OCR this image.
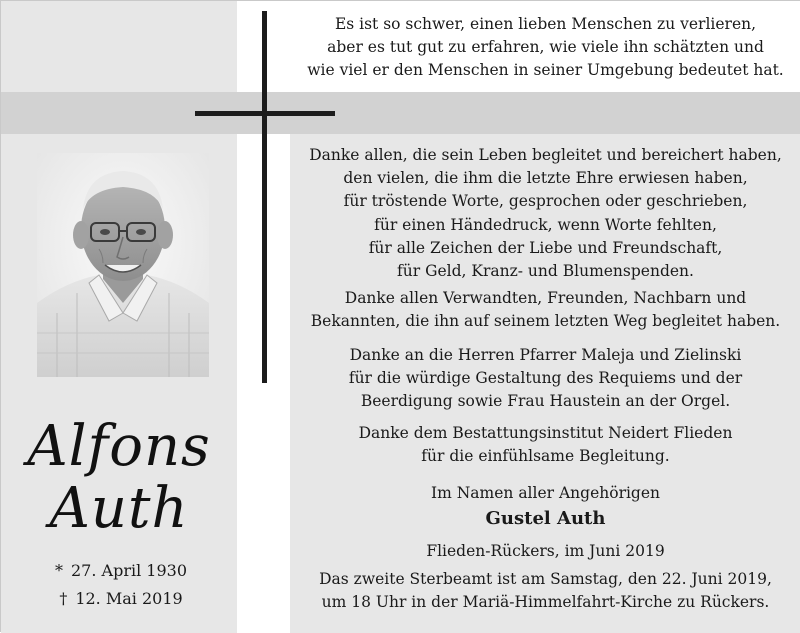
Alfons
Auth
* 27. April 1930
† 12. Mai 2019

Es ist so schwer, einen lieben Menschen zu verlieren,

aber es tut gut zu erfahren, wie viele ihn schätzten und

wie viel er den Menschen in seiner Umgebung bedeutet hat.

Danke allen, die sein Leben begleitet und bereichert haben,

den vielen, die ihm die letzte Ehre erwiesen haben,

für tröstende Worte, gesprochen oder geschrieben,

für einen Händedruck, wenn Worte fehlten,

für alle Zeichen der Liebe und Freundschaft,

für Geld, Kranz- und Blumenspenden.

Danke allen Verwandten, Freunden, Nachbarn und

Bekannten, die ihn auf seinem letzten Weg begleitet haben.

Danke an die Herren Pfarrer Maleja und Zielinski

für die würdige Gestaltung des Requiems und der

Beerdigung sowie Frau Haustein an der Orgel.

Danke dem Bestattungsinstitut Neidert Flieden

für die einfühlsame Begleitung.

Im Namen aller Angehörigen

Gustel Auth

Flieden-Rückers, im Juni 2019

Das zweite Sterbeamt ist am Samstag, den 22. Juni 2019,

um 18 Uhr in der Mariä-Himmelfahrt-Kirche zu Rückers.
